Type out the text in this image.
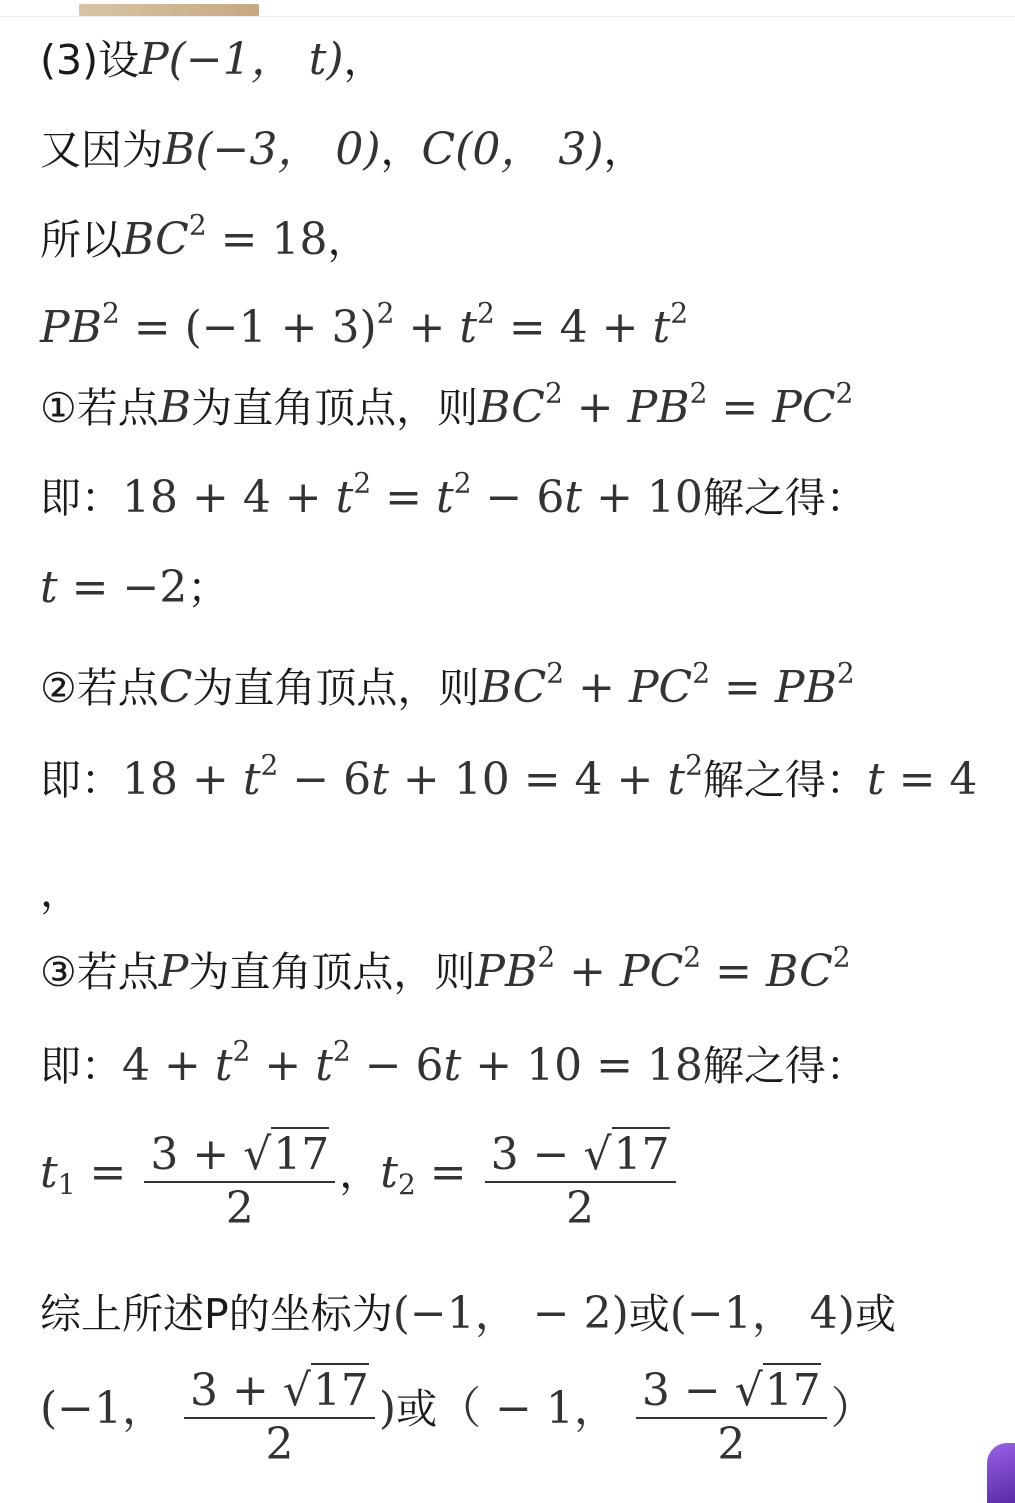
(3)设P(−1， t)，
又因为B(−3， 0)，C(0， 3)，
所以$BC^2 = 18$，
$PB^2 = (-1 + 3)^2 + t^2 = 4 + t^2$
①若点B为直角顶点，则$BC^2 + PB^2 = PC^2$
即：$18 + 4 + t^2 = t^2 - 6t + 10$解之得：
t = −2；
②若点C为直角顶点，则$BC^2 + PC^2 = PB^2$
即：$18 + t^2 - 6t + 10 = 4 + t^2$解之得：t = 4
，
③若点P为直角顶点，则$PB^2 + PC^2 = BC^2$
即：$4 + t^2 + t^2 - 6t + 10 = 18$解之得：
$t_1 = \frac{3 + √17}{2}$ ，$t_2 = \frac{3 - √17}{2}$
综上所述P的坐标为(−1， − 2)或(−1， 4)或
(−1， $\frac{3 + √17}{2}$ )或（ − 1， $\frac{3 - √17}{2}$ ）
